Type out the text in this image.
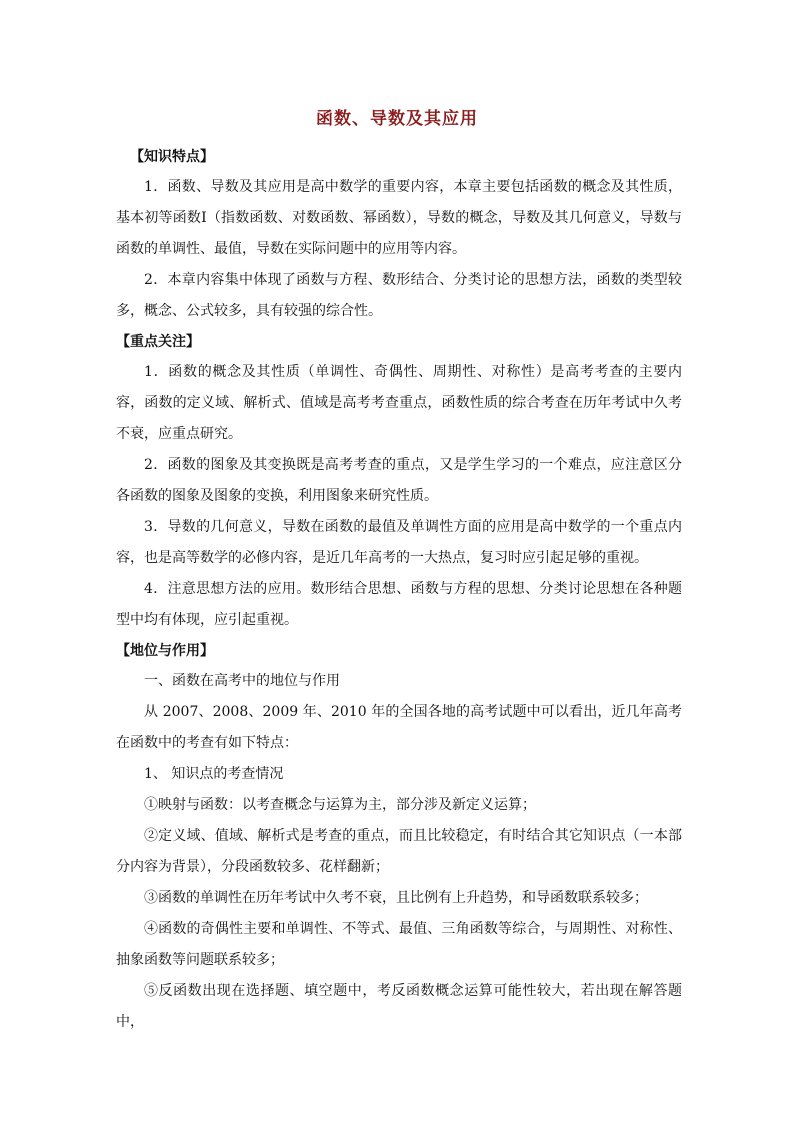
函数、导数及其应用
【知识特点】

1．函数、导数及其应用是高中数学的重要内容，本章主要包括函数的概念及其性质，基本初等函数Ⅰ（指数函数、对数函数、幂函数），导数的概念，导数及其几何意义，导数与函数的单调性、最值，导数在实际问题中的应用等内容。

2．本章内容集中体现了函数与方程、数形结合、分类讨论的思想方法，函数的类型较多，概念、公式较多，具有较强的综合性。

【重点关注】

1．函数的概念及其性质（单调性、奇偶性、周期性、对称性）是高考考查的主要内容，函数的定义域、解析式、值域是高考考查重点，函数性质的综合考查在历年考试中久考不衰，应重点研究。

2．函数的图象及其变换既是高考考查的重点，又是学生学习的一个难点，应注意区分各函数的图象及图象的变换，利用图象来研究性质。

3．导数的几何意义，导数在函数的最值及单调性方面的应用是高中数学的一个重点内容，也是高等数学的必修内容，是近几年高考的一大热点，复习时应引起足够的重视。

4．注意思想方法的应用。数形结合思想、函数与方程的思想、分类讨论思想在各种题型中均有体现，应引起重视。

【地位与作用】

一、函数在高考中的地位与作用

从 2007、2008、2009 年、2010 年的全国各地的高考试题中可以看出，近几年高考在函数中的考查有如下特点：

1、 知识点的考查情况

①映射与函数：以考查概念与运算为主，部分涉及新定义运算；

②定义域、值域、解析式是考查的重点，而且比较稳定，有时结合其它知识点（一本部分内容为背景），分段函数较多、花样翻新；

③函数的单调性在历年考试中久考不衰，且比例有上升趋势，和导函数联系较多；

④函数的奇偶性主要和单调性、不等式、最值、三角函数等综合，与周期性、对称性、抽象函数等问题联系较多；

⑤反函数出现在选择题、填空题中，考反函数概念运算可能性较大，若出现在解答题中，
